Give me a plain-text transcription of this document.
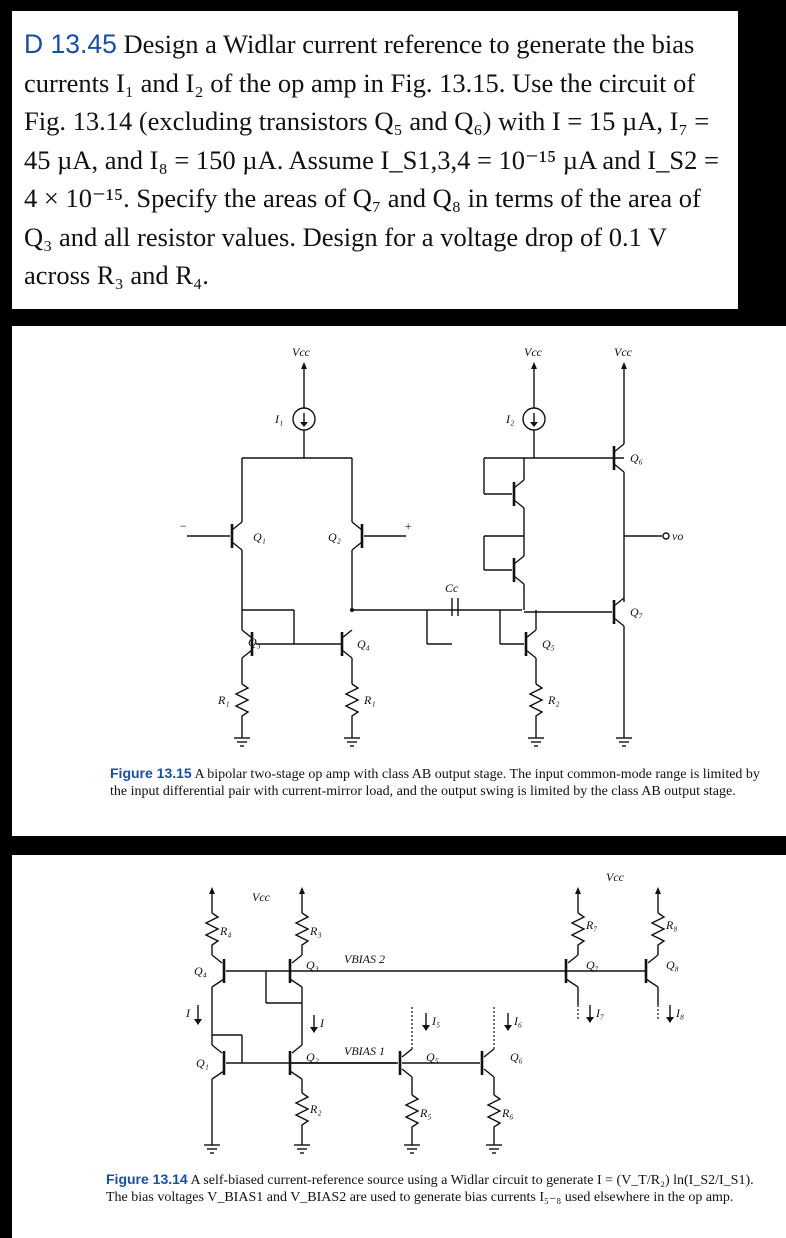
D 13.45 Design a Widlar current reference to generate the bias currents I₁ and I₂ of the op amp in Fig. 13.15. Use the circuit of Fig. 13.14 (excluding transistors Q₅ and Q₆) with I = 15 µA, I₇ = 45 µA, and I₈ = 150 µA. Assume I_S1,3,4 = 10⁻¹⁵ µA and I_S2 = 4 × 10⁻¹⁵. Specify the areas of Q₇ and Q₈ in terms of the area of Q₃ and all resistor values. Design for a voltage drop of 0.1 V across R₃ and R₄.

Vcc	Vcc	Vcc
I₁	I₂
Q₁	Q₂
Q₃	Q₄	Q₅
Q₆
Q₇
R₁	R₁	R₂
Cc
vo
−	+

Figure 13.15 A bipolar two-stage op amp with class AB output stage. The input common-mode range is limited by the input differential pair with current-mirror load, and the output swing is limited by the class AB output stage.

Vcc
Vcc
R₄	R₃	R₇	R₈
R₂	R₅	R₆
Q₄	Q₃
Q₁	Q₂	Q₅	Q₆
Q₇	Q₈
VBIAS 2
VBIAS 1
I
I	I₅	I₆
I₇	I₈

Figure 13.14 A self-biased current-reference source using a Widlar circuit to generate I = (V_T/R₂) ln(I_S2/I_S1). The bias voltages V_BIAS1 and V_BIAS2 are used to generate bias currents I₅₋₈ used elsewhere in the op amp.
